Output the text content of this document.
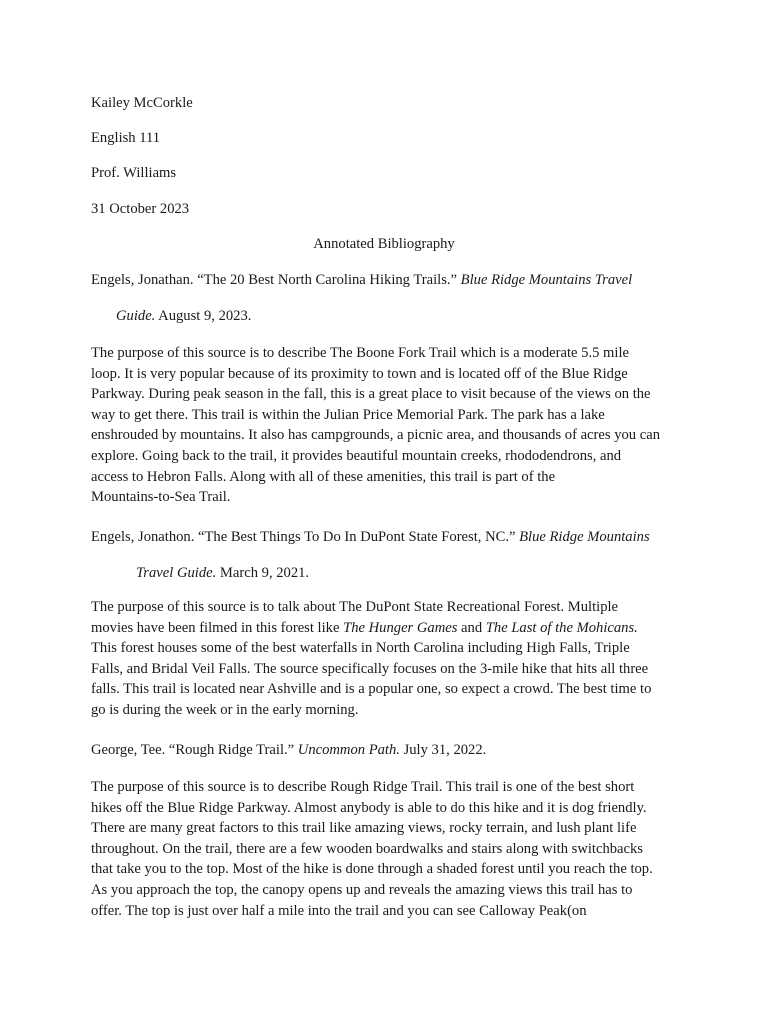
Kailey McCorkle
English 111
Prof. Williams
31 October 2023
Annotated Bibliography
Engels, Jonathan. “The 20 Best North Carolina Hiking Trails.” Blue Ridge Mountains Travel
Guide. August 9, 2023.
The purpose of this source is to describe The Boone Fork Trail which is a moderate 5.5 mile
loop. It is very popular because of its proximity to town and is located off of the Blue Ridge
Parkway. During peak season in the fall, this is a great place to visit because of the views on the
way to get there. This trail is within the Julian Price Memorial Park. The park has a lake
enshrouded by mountains. It also has campgrounds, a picnic area, and thousands of acres you can
explore. Going back to the trail, it provides beautiful mountain creeks, rhododendrons, and
access to Hebron Falls. Along with all of these amenities, this trail is part of the
Mountains-to-Sea Trail.
Engels, Jonathon. “The Best Things To Do In DuPont State Forest, NC.” Blue Ridge Mountains
Travel Guide. March 9, 2021.
The purpose of this source is to talk about The DuPont State Recreational Forest. Multiple
movies have been filmed in this forest like The Hunger Games and The Last of the Mohicans.
This forest houses some of the best waterfalls in North Carolina including High Falls, Triple
Falls, and Bridal Veil Falls. The source specifically focuses on the 3-mile hike that hits all three
falls. This trail is located near Ashville and is a popular one, so expect a crowd. The best time to
go is during the week or in the early morning.
George, Tee. “Rough Ridge Trail.” Uncommon Path. July 31, 2022.
The purpose of this source is to describe Rough Ridge Trail. This trail is one of the best short
hikes off the Blue Ridge Parkway. Almost anybody is able to do this hike and it is dog friendly.
There are many great factors to this trail like amazing views, rocky terrain, and lush plant life
throughout. On the trail, there are a few wooden boardwalks and stairs along with switchbacks
that take you to the top. Most of the hike is done through a shaded forest until you reach the top.
As you approach the top, the canopy opens up and reveals the amazing views this trail has to
offer. The top is just over half a mile into the trail and you can see Calloway Peak(on
